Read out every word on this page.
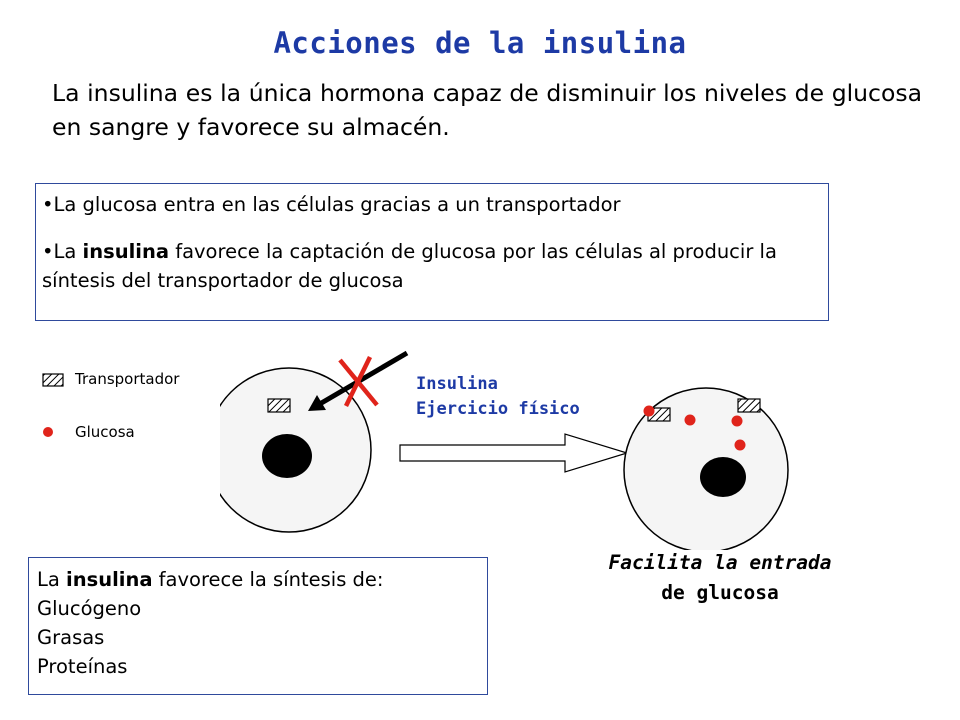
Acciones de la insulina
La insulina es la única hormona capaz de disminuir los niveles de glucosa en sangre y favorece su almacén.

•La glucosa entra en las células gracias a un transportador

•La insulina favorece la captación de glucosa por las células al producir la síntesis del transportador de glucosa

Transportador
Glucosa
Insulina
Ejercicio físico
Facilita la entrada
de glucosa
La insulina favorece la síntesis de:
Glucógeno
Grasas
Proteínas
